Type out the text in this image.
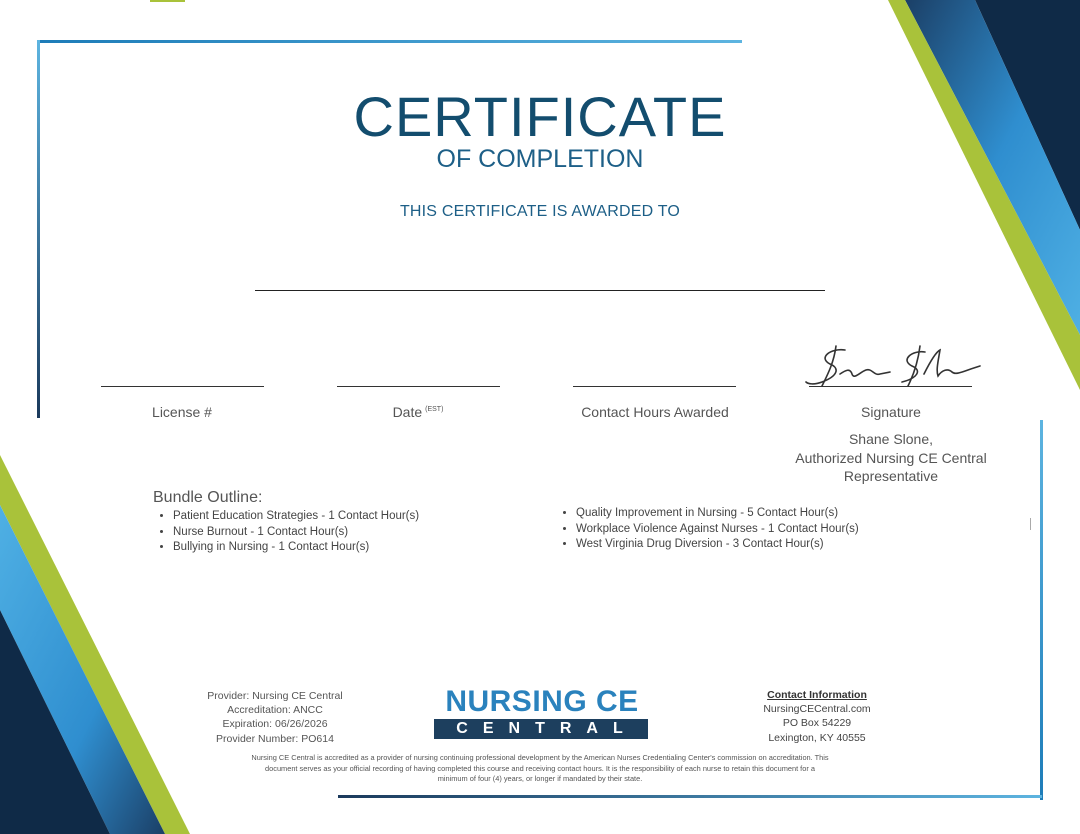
CERTIFICATE
OF COMPLETION
THIS CERTIFICATE IS AWARDED TO
License #	Date $^{(EST)}$	Contact Hours Awarded	Signature
Shane Slone,
Authorized Nursing CE Central
Representative
Bundle Outline:
• Patient Education Strategies - 1 Contact Hour(s)
• Nurse Burnout - 1 Contact Hour(s)
• Bullying in Nursing - 1 Contact Hour(s)
• Quality Improvement in Nursing - 5 Contact Hour(s)
• Workplace Violence Against Nurses - 1 Contact Hour(s)
• West Virginia Drug Diversion - 3 Contact Hour(s)
Provider: Nursing CE Central
Accreditation: ANCC
Expiration: 06/26/2026
Provider Number: PO614
NURSING CE
CENTRAL
Contact Information
NursingCECentral.com
PO Box 54229
Lexington, KY 40555
Nursing CE Central is accredited as a provider of nursing continuing professional development by the American Nurses Credentialing Center's commission on accreditation. This document serves as your official recording of having completed this course and receiving contact hours. It is the responsibility of each nurse to retain this document for a minimum of four (4) years, or longer if mandated by their state.
